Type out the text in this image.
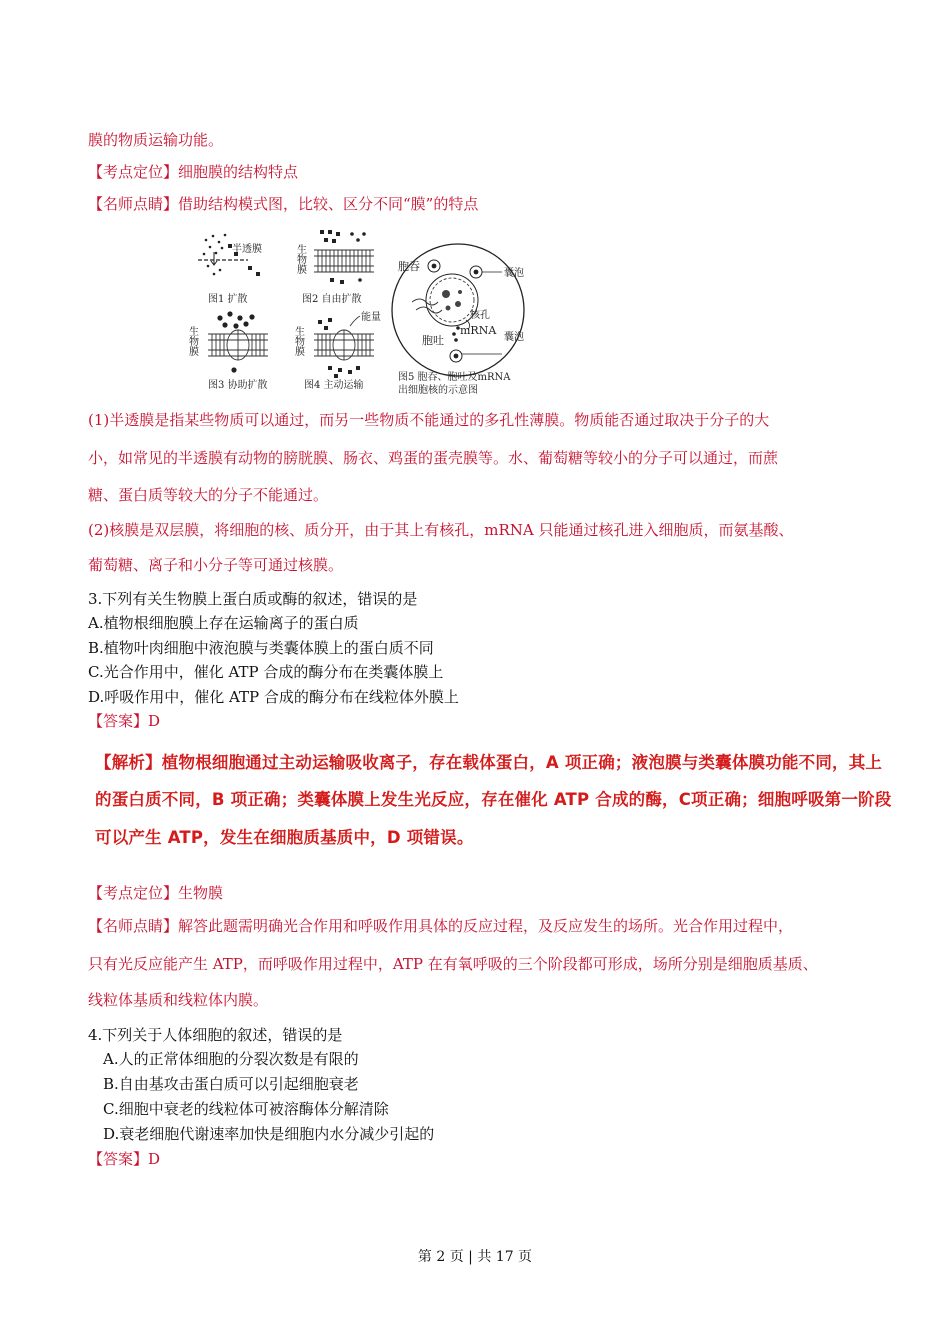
膜的物质运输功能。
【考点定位】细胞膜的结构特点
【名师点睛】借助结构模式图，比较、区分不同“膜”的特点
半透膜
图1 扩散
生物膜
图2 自由扩散
生物膜
图3 协助扩散
生物膜
能量
图4 主动运输
胞吞
囊泡
核孔
mRNA
胞吐	囊泡
图5 胞吞、胞吐及mRNA
出细胞核的示意图
(1)半透膜是指某些物质可以通过，而另一些物质不能通过的多孔性薄膜。物质能否通过取决于分子的大
小，如常见的半透膜有动物的膀胱膜、肠衣、鸡蛋的蛋壳膜等。水、葡萄糖等较小的分子可以通过，而蔗
糖、蛋白质等较大的分子不能通过。
(2)核膜是双层膜，将细胞的核、质分开，由于其上有核孔，mRNA 只能通过核孔进入细胞质，而氨基酸、
葡萄糖、离子和小分子等可通过核膜。
3.下列有关生物膜上蛋白质或酶的叙述，错误的是
A.植物根细胞膜上存在运输离子的蛋白质
B.植物叶肉细胞中液泡膜与类囊体膜上的蛋白质不同
C.光合作用中，催化 ATP 合成的酶分布在类囊体膜上
D.呼吸作用中，催化 ATP 合成的酶分布在线粒体外膜上
【答案】D
【解析】植物根细胞通过主动运输吸收离子，存在载体蛋白，A 项正确；液泡膜与类囊体膜功能不同，其上
的蛋白质不同，B 项正确；类囊体膜上发生光反应，存在催化 ATP 合成的酶，C项正确；细胞呼吸第一阶段
可以产生 ATP，发生在细胞质基质中，D 项错误。
【考点定位】生物膜
【名师点睛】解答此题需明确光合作用和呼吸作用具体的反应过程，及反应发生的场所。光合作用过程中，
只有光反应能产生 ATP，而呼吸作用过程中，ATP 在有氧呼吸的三个阶段都可形成，场所分别是细胞质基质、
线粒体基质和线粒体内膜。
4.下列关于人体细胞的叙述，错误的是
A.人的正常体细胞的分裂次数是有限的
B.自由基攻击蛋白质可以引起细胞衰老
C.细胞中衰老的线粒体可被溶酶体分解清除
D.衰老细胞代谢速率加快是细胞内水分减少引起的
【答案】D
第 2 页 | 共 17 页
